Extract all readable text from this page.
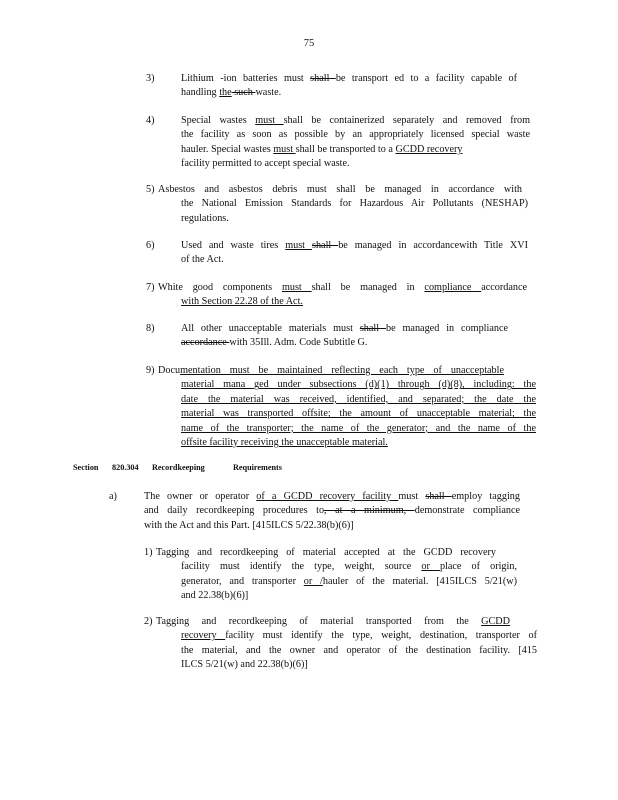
75
3)	Lithium -ion batteries must shall be transport ed to a facility capable of
handling the such waste.
4)	Special wastes must shall be containerized separately and removed from
the facility as soon as possible by an appropriately licensed special waste
hauler. Special wastes must shall be transported to a GCDD recovery
facility permitted to accept special waste.
5) Asbestos and asbestos debris must shall be managed in accordance with
the National Emission Standards for Hazardous Air Pollutants (NESHAP)
regulations.
6)	Used and waste tires must shall be managed in accordancewith Title XVI
of the Act.
7) White good components must shall be managed in compliance accordance
with Section 22.28 of the Act.
8)	All other unacceptable materials must shall be managed in compliance
accordance with 35Ill. Adm. Code Subtitle G.
9) Documentation must be maintained reflecting each type of unacceptable
material mana ged under subsections (d)(1) through (d)(8), including: the
date the material was received, identified, and separated; the date the
material was transported offsite; the amount of unacceptable material; the
name of the transporter; the name of the generator; and the name of the
offsite facility receiving the unacceptable material.
Section 820.304 Recordkeeping	Requirements
a)	The owner or operator of a GCDD recovery facility must shall employ tagging
and daily recordkeeping procedures to, at a minimum, demonstrate compliance
with the Act and this Part. [415ILCS 5/22.38(b)(6)]
1) Tagging and recordkeeping of material accepted at the GCDD recovery
facility must identify the type, weight, source or place of origin,
generator, and transporter or /hauler of the material. [415ILCS 5/21(w)
and 22.38(b)(6)]
2) Tagging and recordkeeping of material transported from the GCDD
recovery facility must identify the type, weight, destination, transporter of
the material, and the owner and operator of the destination facility. [415
ILCS 5/21(w) and 22.38(b)(6)]
